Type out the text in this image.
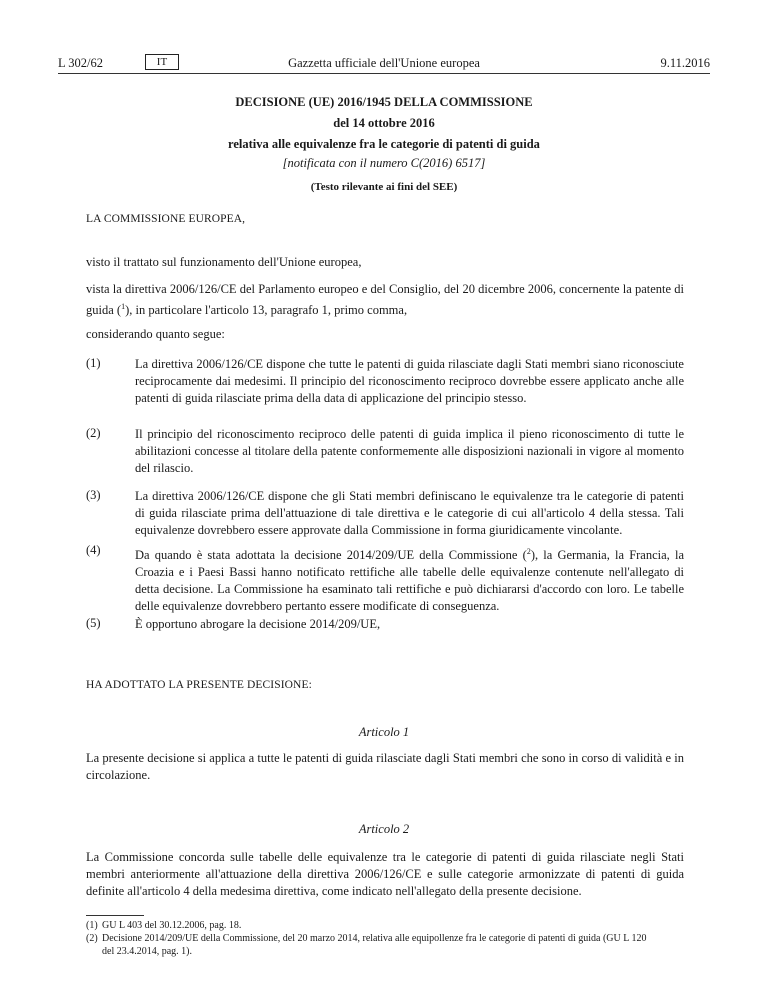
L 302/62	IT	Gazzetta ufficiale dell'Unione europea	9.11.2016
DECISIONE (UE) 2016/1945 DELLA COMMISSIONE
del 14 ottobre 2016
relativa alle equivalenze fra le categorie di patenti di guida
[notificata con il numero C(2016) 6517]
(Testo rilevante ai fini del SEE)
LA COMMISSIONE EUROPEA,
visto il trattato sul funzionamento dell'Unione europea,
vista la direttiva 2006/126/CE del Parlamento europeo e del Consiglio, del 20 dicembre 2006, concernente la patente di guida ($^1$), in particolare l'articolo 13, paragrafo 1, primo comma,
considerando quanto segue:
(1)	La direttiva 2006/126/CE dispone che tutte le patenti di guida rilasciate dagli Stati membri siano riconosciute reciprocamente dai medesimi. Il principio del riconoscimento reciproco dovrebbe essere applicato anche alle patenti di guida rilasciate prima della data di applicazione del principio stesso.
(2)	Il principio del riconoscimento reciproco delle patenti di guida implica il pieno riconoscimento di tutte le abilitazioni concesse al titolare della patente conformemente alle disposizioni nazionali in vigore al momento del rilascio.
(3)	La direttiva 2006/126/CE dispone che gli Stati membri definiscano le equivalenze tra le categorie di patenti di guida rilasciate prima dell'attuazione di tale direttiva e le categorie di cui all'articolo 4 della stessa. Tali equivalenze dovrebbero essere approvate dalla Commissione in forma giuridicamente vincolante.
(4)	Da quando è stata adottata la decisione 2014/209/UE della Commissione ($^2$), la Germania, la Francia, la Croazia e i Paesi Bassi hanno notificato rettifiche alle tabelle delle equivalenze contenute nell'allegato di detta decisione. La Commissione ha esaminato tali rettifiche e può dichiararsi d'accordo con loro. Le tabelle delle equivalenze dovrebbero pertanto essere modificate di conseguenza.
(5)	È opportuno abrogare la decisione 2014/209/UE,
HA ADOTTATO LA PRESENTE DECISIONE:
Articolo 1
La presente decisione si applica a tutte le patenti di guida rilasciate dagli Stati membri che sono in corso di validità e in circolazione.
Articolo 2
La Commissione concorda sulle tabelle delle equivalenze tra le categorie di patenti di guida rilasciate negli Stati membri anteriormente all'attuazione della direttiva 2006/126/CE e sulle categorie armonizzate di patenti di guida definite all'articolo 4 della medesima direttiva, come indicato nell'allegato della presente decisione.
(1) GU L 403 del 30.12.2006, pag. 18.
(2) Decisione 2014/209/UE della Commissione, del 20 marzo 2014, relativa alle equipollenze fra le categorie di patenti di guida (GU L 120
del 23.4.2014, pag. 1).
